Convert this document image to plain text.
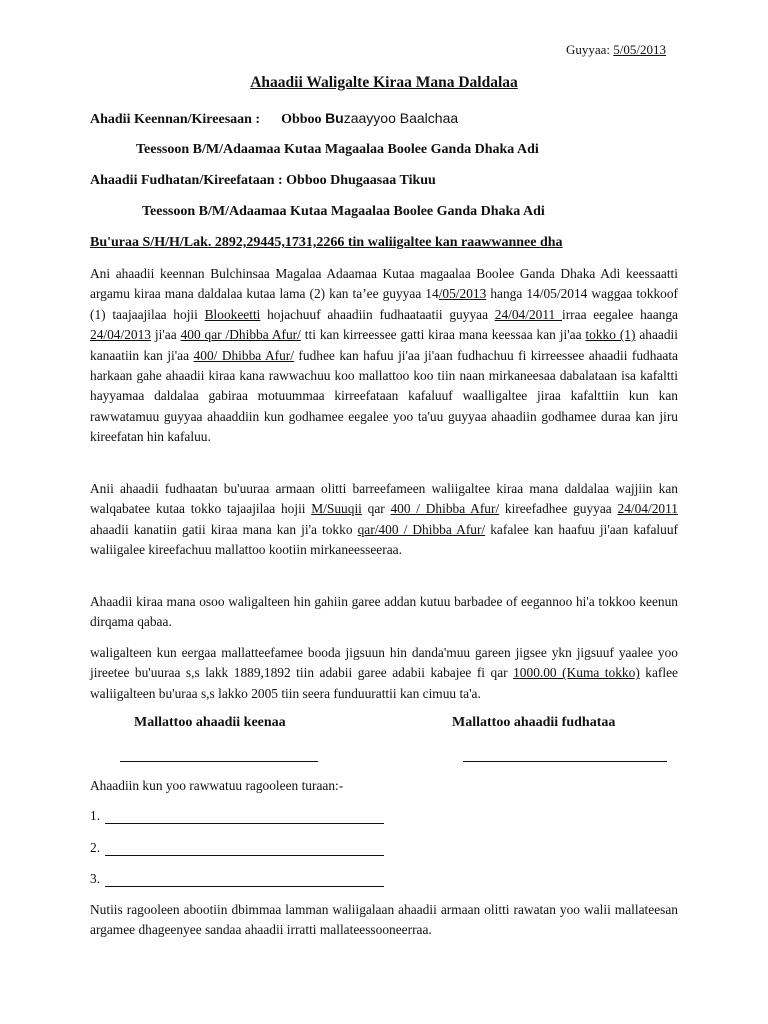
Guyyaa: 5/05/2013
Ahaadii Waligalte Kiraa Mana Daldalaa
Ahadii Keennan/Kireesaan : Obboo Buzaayyoo Baalchaa
Teessoon B/M/Adaamaa Kutaa Magaalaa Boolee Ganda Dhaka Adi
Ahaadii Fudhatan/Kireefataan : Obboo Dhugaasaa Tikuu
Teessoon B/M/Adaamaa Kutaa Magaalaa Boolee Ganda Dhaka Adi
Bu'uraa S/H/H/Lak. 2892,29445,1731,2266 tin waliigaltee kan raawwannee dha
Ani ahaadii keennan Bulchinsaa Magalaa Adaamaa Kutaa magaalaa Boolee Ganda Dhaka Adi keessaatti argamu kiraa mana daldalaa kutaa lama (2) kan ta’ee guyyaa 14/05/2013 hanga 14/05/2014 waggaa tokkoof (1) taajaajilaa hojii Blookeetti hojachuuf ahaadiin fudhaataatii guyyaa 24/04/2011 irraa eegalee haanga 24/04/2013 ji'aa 400 qar /Dhibba Afur/ tti kan kirreessee gatti kiraa mana keessaa kan ji'aa tokko (1) ahaadii kanaatiin kan ji'aa 400/ Dhibba Afur/ fudhee kan hafuu ji'aa ji'aan fudhachuu fi kirreessee ahaadii fudhaata harkaan gahe ahaadii kiraa kana rawwachuu koo mallattoo koo tiin naan mirkaneesaa dabalataan isa kafaltti hayyamaa daldalaa gabiraa motuummaa kirreefataan kafaluuf waalligaltee jiraa kafalttiin kun kan rawwatamuu guyyaa ahaaddiin kun godhamee eegalee yoo ta'uu guyyaa ahaadiin godhamee duraa kan jiru kireefatan hin kafaluu.
Anii ahaadii fudhaatan bu'uuraa armaan olitti barreefameen waliigaltee kiraa mana daldalaa wajjiin kan walqabatee kutaa tokko tajaajilaa hojii M/Suuqii qar 400 / Dhibba Afur/ kireefadhee guyyaa 24/04/2011 ahaadii kanatiin gatii kiraa mana kan ji'a tokko qar/400 / Dhibba Afur/ kafalee kan haafuu ji'aan kafaluuf waliigalee kireefachuu mallattoo kootiin mirkaneesseeraa.
Ahaadii kiraa mana osoo waligalteen hin gahiin garee addan kutuu barbadee of eegannoo hi'a tokkoo keenun dirqama qabaa.
waligalteen kun eergaa mallatteefamee booda jigsuun hin danda'muu gareen jigsee ykn jigsuuf yaalee yoo jireetee bu'uuraa s,s lakk 1889,1892 tiin adabii garee adabii kabajee fi qar 1000.00 (Kuma tokko) kaflee waliigalteen bu'uraa s,s lakko 2005 tiin seera funduurattii kan cimuu ta'a.
Mallattoo ahaadii keenaa	Mallattoo ahaadii fudhataa
Ahaadiin kun yoo rawwatuu ragooleen turaan:-
1.
2.
3.
Nutiis ragooleen abootiin dbimmaa lamman waliigalaan ahaadii armaan olitti rawatan yoo walii mallateesan argamee dhageenyee sandaa ahaadii irratti mallateessooneerraa.
